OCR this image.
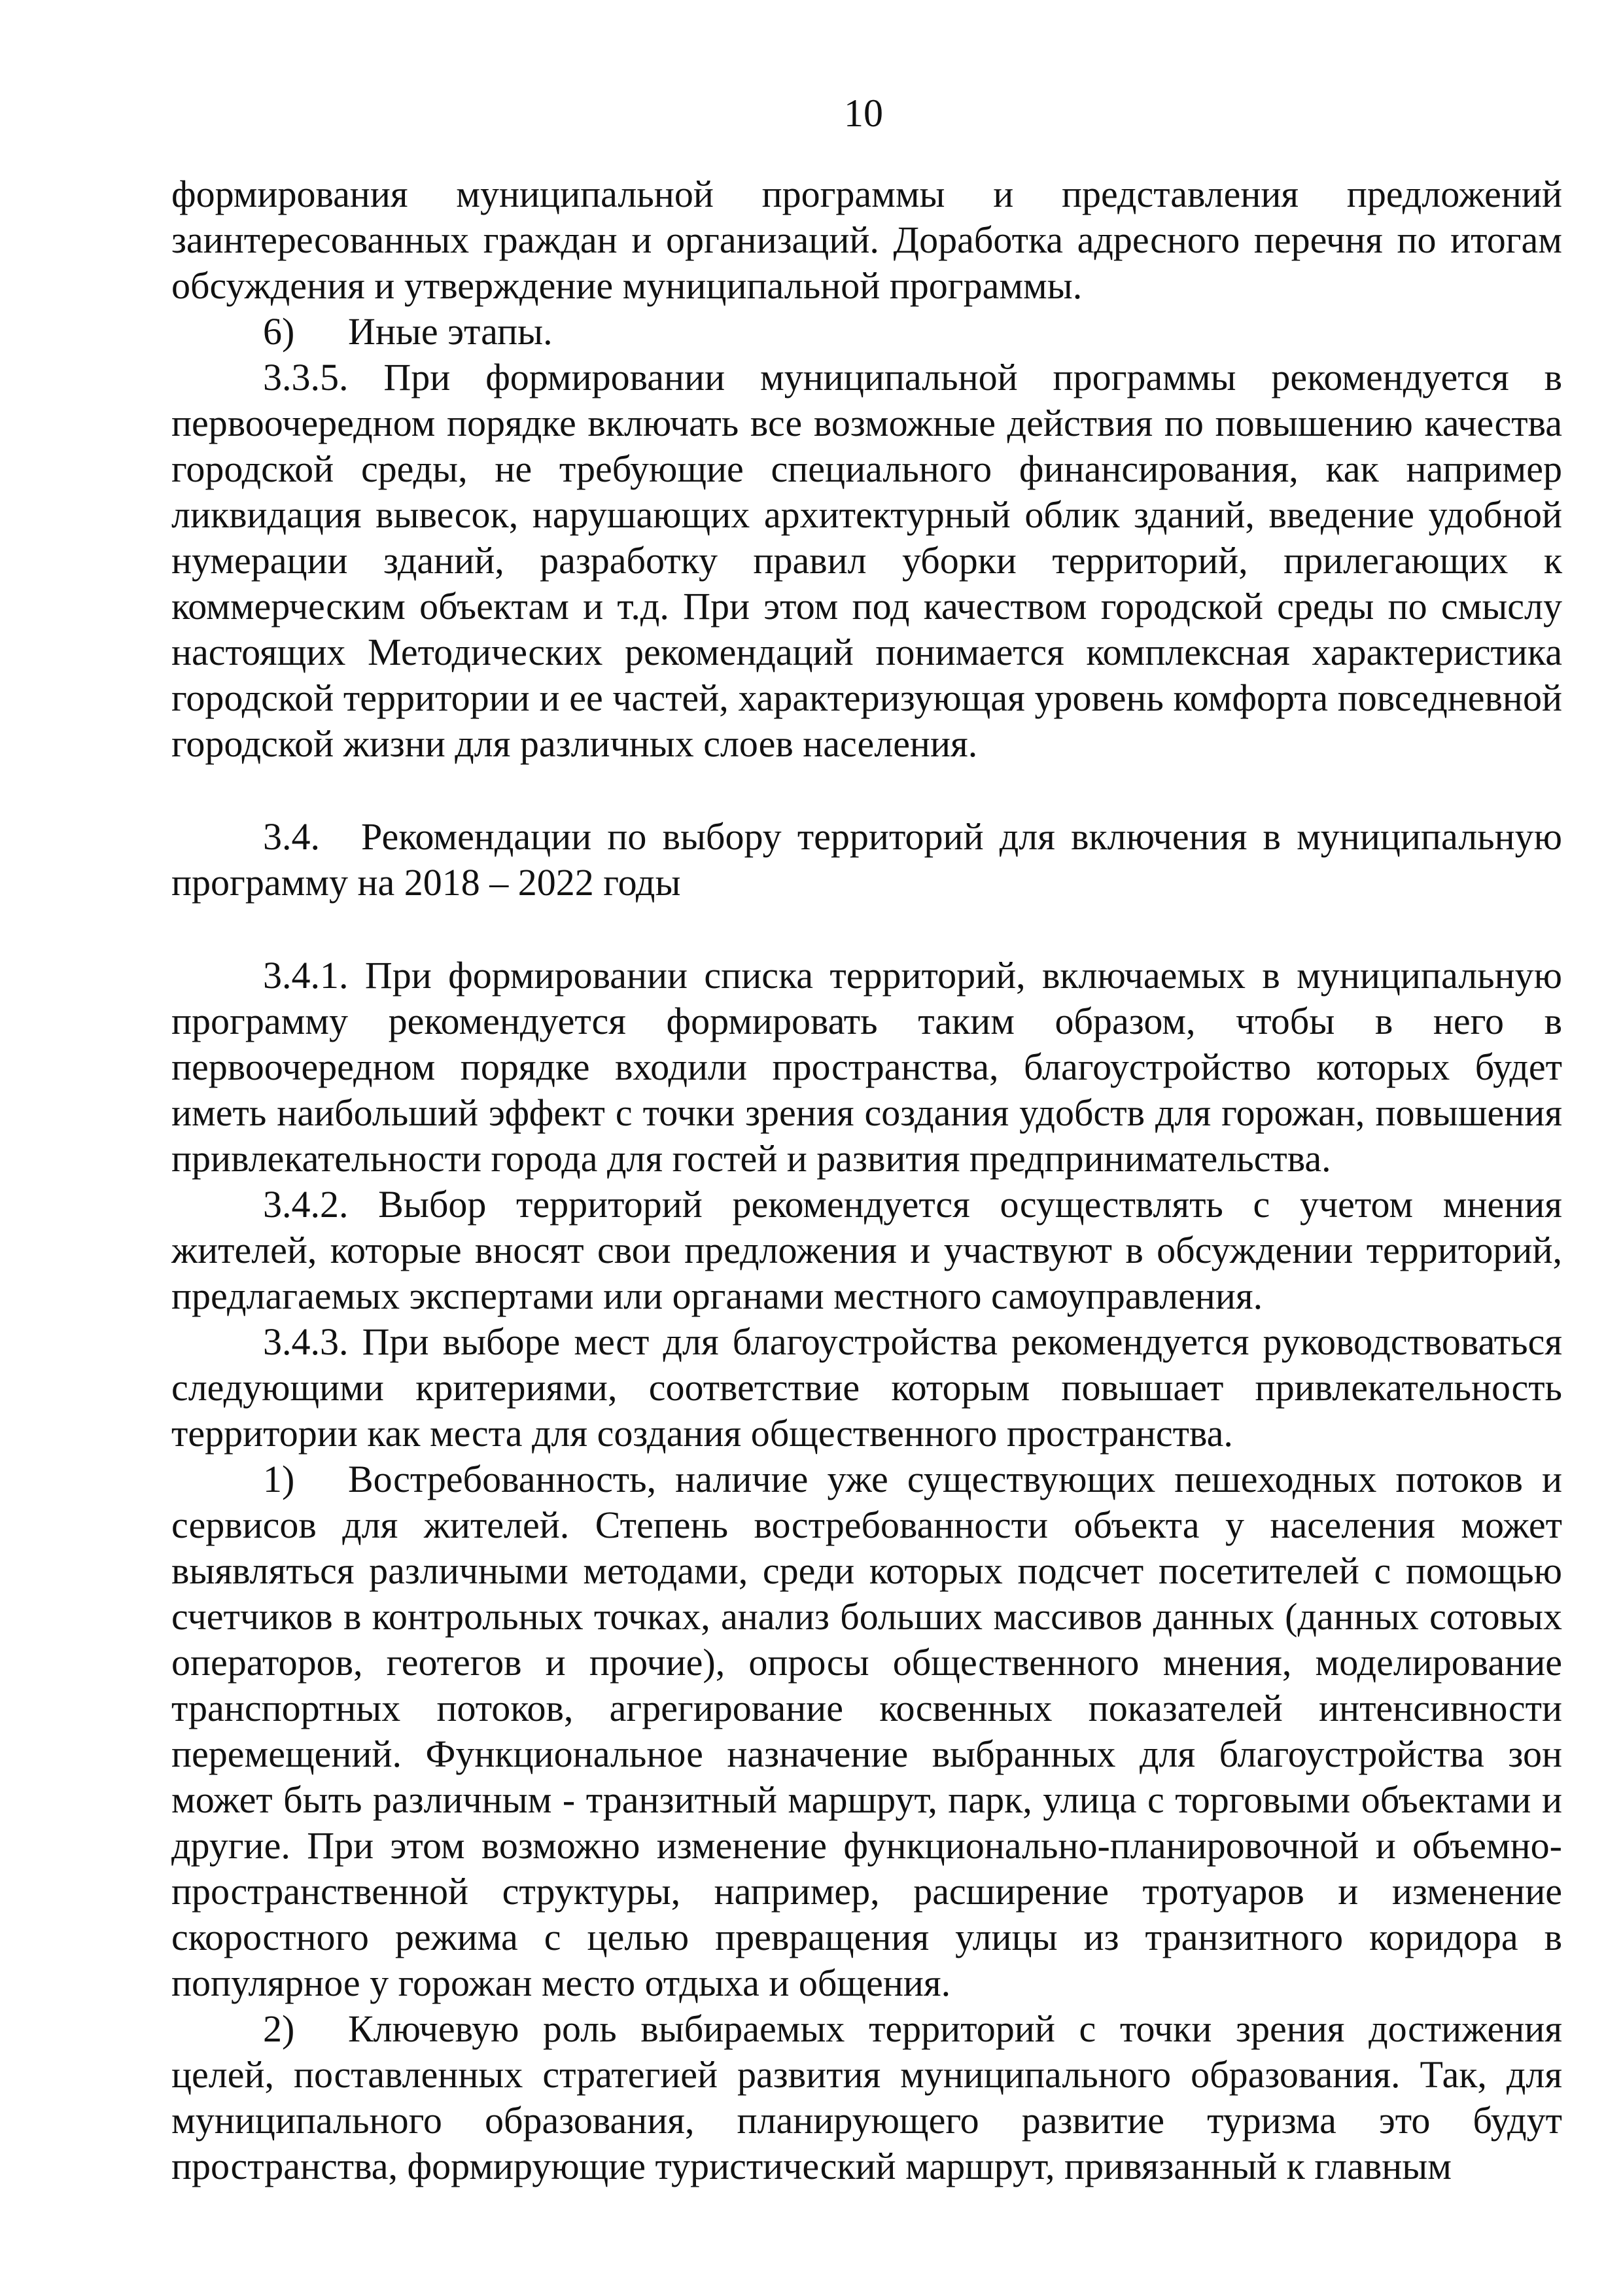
10

формирования муниципальной программы и представления предложений заинтересованных граждан и организаций. Доработка адресного перечня по итогам обсуждения и утверждение муниципальной программы.

6) Иные этапы.

3.3.5. При формировании муниципальной программы рекомендуется в первоочередном порядке включать все возможные действия по повышению качества городской среды, не требующие специального финансирования, как например ликвидация вывесок, нарушающих архитектурный облик зданий, введение удобной нумерации зданий, разработку правил уборки территорий, прилегающих к коммерческим объектам и т.д. При этом под качеством городской среды по смыслу настоящих Методических рекомендаций понимается комплексная характеристика городской территории и ее частей, характеризующая уровень комфорта повседневной городской жизни для различных слоев населения.

3.4. Рекомендации по выбору территорий для включения в муниципальную программу на 2018 – 2022 годы

3.4.1. При формировании списка территорий, включаемых в муниципальную программу рекомендуется формировать таким образом, чтобы в него в первоочередном порядке входили пространства, благоустройство которых будет иметь наибольший эффект с точки зрения создания удобств для горожан, повышения привлекательности города для гостей и развития предпринимательства.

3.4.2. Выбор территорий рекомендуется осуществлять с учетом мнения жителей, которые вносят свои предложения и участвуют в обсуждении территорий, предлагаемых экспертами или органами местного самоуправления.

3.4.3. При выборе мест для благоустройства рекомендуется руководствоваться следующими критериями, соответствие которым повышает привлекательность территории как места для создания общественного пространства.

1) Востребованность, наличие уже существующих пешеходных потоков и сервисов для жителей. Степень востребованности объекта у населения может выявляться различными методами, среди которых подсчет посетителей с помощью счетчиков в контрольных точках, анализ больших массивов данных (данных сотовых операторов, геотегов и прочие), опросы общественного мнения, моделирование транспортных потоков, агрегирование косвенных показателей интенсивности перемещений. Функциональное назначение выбранных для благоустройства зон может быть различным - транзитный маршрут, парк, улица с торговыми объектами и другие. При этом возможно изменение функционально-планировочной и объемно-пространственной структуры, например, расширение тротуаров и изменение скоростного режима с целью превращения улицы из транзитного коридора в популярное у горожан место отдыха и общения.

2) Ключевую роль выбираемых территорий с точки зрения достижения целей, поставленных стратегией развития муниципального образования. Так, для муниципального образования, планирующего развитие туризма это будут пространства, формирующие туристический маршрут, привязанный к главным
